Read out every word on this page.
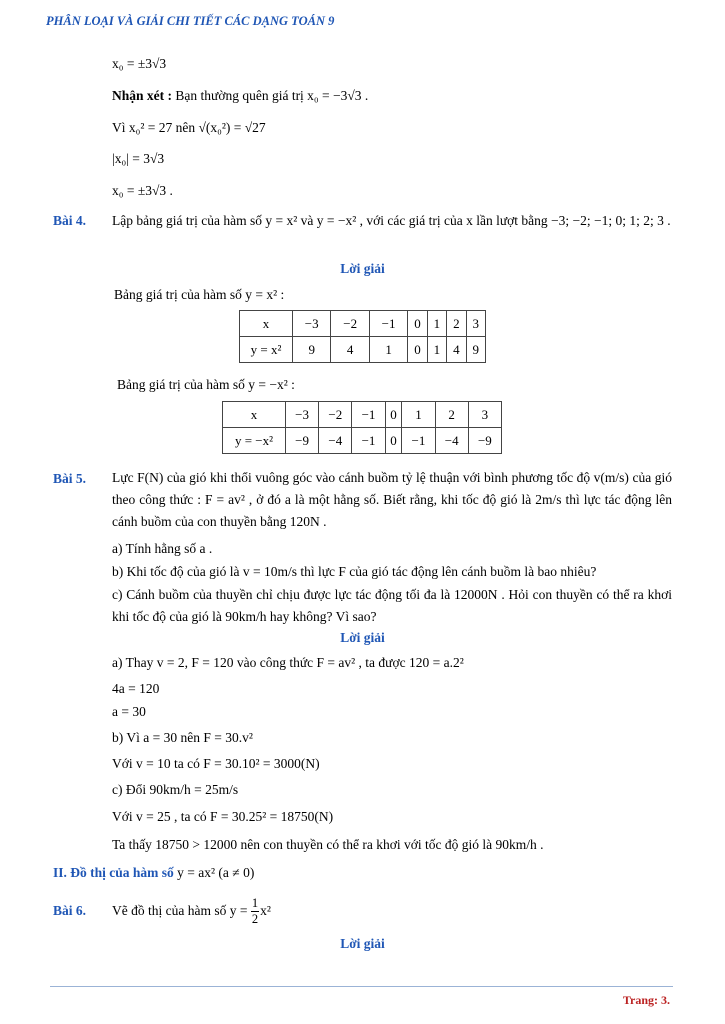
PHÂN LOẠI VÀ GIẢI CHI TIẾT CÁC DẠNG TOÁN 9
x₀ = ±3√3
Nhận xét : Bạn thường quên giá trị x₀ = −3√3 .
Vì x₀² = 27 nên √(x₀²) = √27
|x₀| = 3√3
x₀ = ±3√3 .
Bài 4. Lập bảng giá trị của hàm số y = x² và y = −x² , với các giá trị của x lần lượt bằng −3; −2; −1; 0; 1; 2; 3 .
Lời giải
Bảng giá trị của hàm số y = x² :
x	−3	−2	−1	0	1	2	3
y = x²	9	4	1	0	1	4	9
Bảng giá trị của hàm số y = −x² :
x	−3	−2	−1	0	1	2	3
y = −x²	−9	−4	−1	0	−1	−4	−9
Bài 5. Lực F(N) của gió khi thổi vuông góc vào cánh buồm tỷ lệ thuận với bình phương tốc độ v(m/s) của gió theo công thức : F = av² , ở đó a là một hằng số. Biết rằng, khi tốc độ gió là 2m/s thì lực tác động lên cánh buồm của con thuyền bằng 120N .
a) Tính hằng số a .
b) Khi tốc độ của gió là v = 10m/s thì lực F của gió tác động lên cánh buồm là bao nhiêu?
c) Cánh buồm của thuyền chỉ chịu được lực tác động tối đa là 12000N . Hỏi con thuyền có thể ra khơi khi tốc độ của gió là 90km/h hay không? Vì sao?
Lời giải
a) Thay v = 2, F = 120 vào công thức F = av² , ta được 120 = a.2²
4a = 120
a = 30
b) Vì a = 30 nên F = 30.v²
Với v = 10 ta có F = 30.10² = 3000(N)
c) Đổi 90km/h = 25m/s
Với v = 25 , ta có F = 30.25² = 18750(N)
Ta thấy 18750 > 12000 nên con thuyền có thể ra khơi với tốc độ gió là 90km/h .
II. Đồ thị của hàm số y = ax² (a ≠ 0)
Bài 6. Vẽ đồ thị của hàm số $y = \frac{1}{2} x^2$
Lời giải
Trang: 3.
